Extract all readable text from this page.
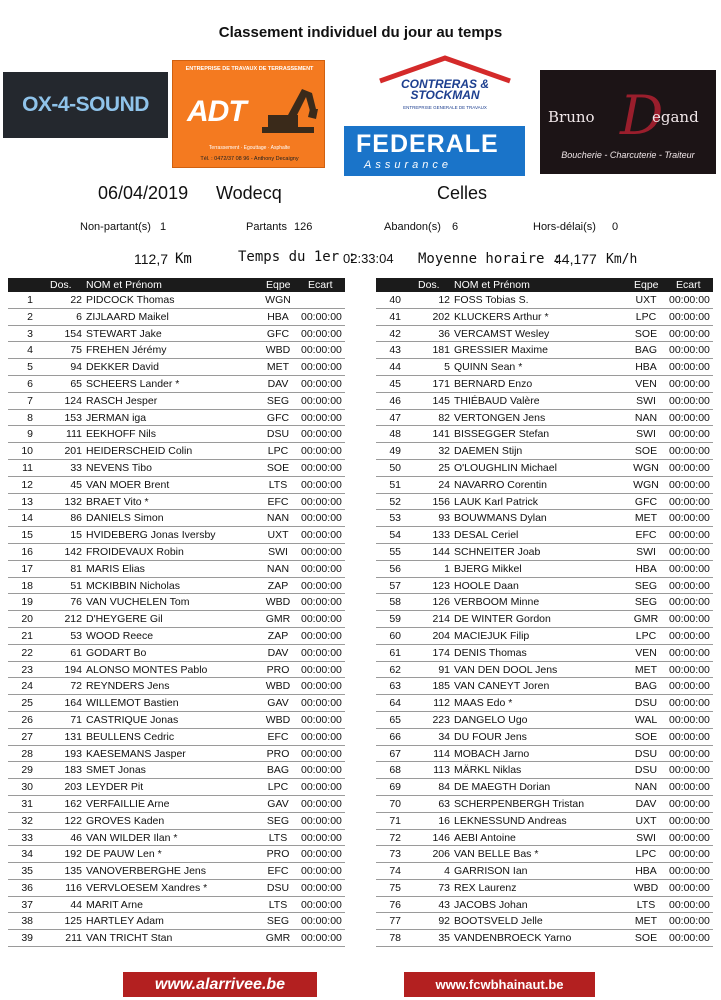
Classement individuel du jour au temps
OX-4-SOUND
ENTREPRISE DE TRAVAUX DE TERRASSEMENT
ADT
Terrassement · Egouttage · Asphalte
Tél. : 0472/37 08 96 - Anthony Decaigny
CONTRERAS &
STOCKMAN
ENTREPRISE GENERALE DE TRAVAUX
FEDERALE
Assurance
D
Bruno	egand
Boucherie - Charcuterie - Traiteur
06/04/2019 Wodecq	Celles
Non-partant(s) 1	Partants 126	Abandon(s) 6	Hors-délai(s) 0
112,7 Km	Temps du 1er :
02:33:04 Moyenne horaire :
44,177 Km/h
Dos. NOM et Prénom	Eqpe Ecart
1	22 PIDCOCK Thomas	WGN
2	6 ZIJLAARD Maikel	HBA	00:00:00
3	154 STEWART Jake	GFC	00:00:00
4	75 FREHEN Jérémy	WBD 00:00:00
5	94 DEKKER David	MET	00:00:00
6	65 SCHEERS Lander *	DAV	00:00:00
7	124 RASCH Jesper	SEG	00:00:00
8	153 JERMAN iga	GFC	00:00:00
9	111 EEKHOFF Nils	DSU	00:00:00
10	201 HEIDERSCHEID Colin	LPC	00:00:00
11	33 NEVENS Tibo	SOE	00:00:00
12	45 VAN MOER Brent	LTS	00:00:00
13	132 BRAET Vito *	EFC	00:00:00
14	86 DANIELS Simon	NAN	00:00:00
15	15 HVIDEBERG Jonas Iversby	UXT	00:00:00
16	142 FROIDEVAUX Robin	SWI	00:00:00
17	81 MARIS Elias	NAN	00:00:00
18	51 MCKIBBIN Nicholas	ZAP	00:00:00
19	76 VAN VUCHELEN Tom	WBD 00:00:00
20	212 D'HEYGERE Gil	GMR 00:00:00
21	53 WOOD Reece	ZAP	00:00:00
22	61 GODART Bo	DAV	00:00:00
23	194 ALONSO MONTES Pablo	PRO	00:00:00
24	72 REYNDERS Jens	WBD 00:00:00
25	164 WILLEMOT Bastien	GAV	00:00:00
26	71 CASTRIQUE Jonas	WBD 00:00:00
27	131 BEULLENS Cedric	EFC	00:00:00
28	193 KAESEMANS Jasper	PRO	00:00:00
29	183 SMET Jonas	BAG	00:00:00
30	203 LEYDER Pit	LPC	00:00:00
31	162 VERFAILLIE Arne	GAV	00:00:00
32	122 GROVES Kaden	SEG	00:00:00
33	46 VAN WILDER Ilan *	LTS	00:00:00
34	192 DE PAUW Len *	PRO	00:00:00
35	135 VANOVERBERGHE Jens	EFC	00:00:00
36	116 VERVLOESEM Xandres *	DSU	00:00:00
37	44 MARIT Arne	LTS	00:00:00
38	125 HARTLEY Adam	SEG	00:00:00
39	211 VAN TRICHT Stan	GMR 00:00:00
Dos. NOM et Prénom	Eqpe Ecart
40	12 FOSS Tobias S.	UXT	00:00:00
41	202 KLUCKERS Arthur *	LPC	00:00:00
42	36 VERCAMST Wesley	SOE	00:00:00
43	181 GRESSIER Maxime	BAG	00:00:00
44	5 QUINN Sean *	HBA	00:00:00
45	171 BERNARD Enzo	VEN	00:00:00
46	145 THIÉBAUD Valère	SWI	00:00:00
47	82 VERTONGEN Jens	NAN	00:00:00
48	141 BISSEGGER Stefan	SWI	00:00:00
49	32 DAEMEN Stijn	SOE	00:00:00
50	25 O'LOUGHLIN Michael	WGN 00:00:00
51	24 NAVARRO Corentin	WGN 00:00:00
52	156 LAUK Karl Patrick	GFC	00:00:00
53	93 BOUWMANS Dylan	MET	00:00:00
54	133 DESAL Ceriel	EFC	00:00:00
55	144 SCHNEITER Joab	SWI	00:00:00
56	1 BJERG Mikkel	HBA	00:00:00
57	123 HOOLE Daan	SEG	00:00:00
58	126 VERBOOM Minne	SEG	00:00:00
59	214 DE WINTER Gordon	GMR 00:00:00
60	204 MACIEJUK Filip	LPC	00:00:00
61	174 DENIS Thomas	VEN	00:00:00
62	91 VAN DEN DOOL Jens	MET	00:00:00
63	185 VAN CANEYT Joren	BAG	00:00:00
64	112 MAAS Edo *	DSU	00:00:00
65	223 DANGELO Ugo	WAL	00:00:00
66	34 DU FOUR Jens	SOE	00:00:00
67	114 MOBACH Jarno	DSU	00:00:00
68	113 MÄRKL Niklas	DSU	00:00:00
69	84 DE MAEGTH Dorian	NAN	00:00:00
70	63 SCHERPENBERGH Tristan	DAV	00:00:00
71	16 LEKNESSUND Andreas	UXT	00:00:00
72	146 AEBI Antoine	SWI	00:00:00
73	206 VAN BELLE Bas *	LPC	00:00:00
74	4 GARRISON Ian	HBA	00:00:00
75	73 REX Laurenz	WBD 00:00:00
76	43 JACOBS Johan	LTS	00:00:00
77	92 BOOTSVELD Jelle	MET	00:00:00
78	35 VANDENBROECK Yarno	SOE	00:00:00
www.alarrivee.be	www.fcwbhainaut.be
